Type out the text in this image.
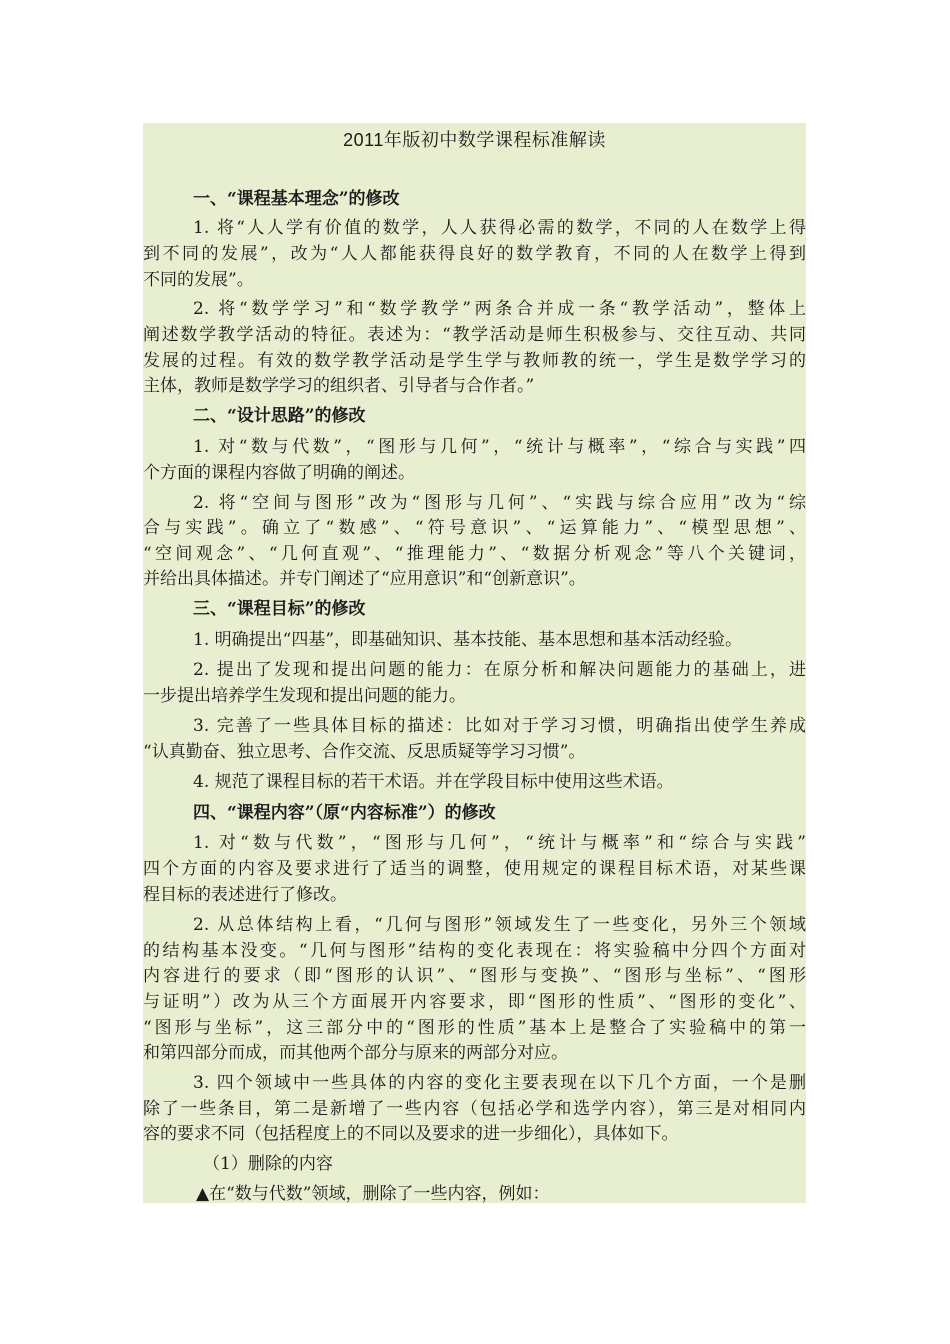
2011年版初中数学课程标准解读
一、“课程基本理念”的修改
1. 将“人人学有价值的数学，人人获得必需的数学，不同的人在数学上得
到不同的发展”，改为“人人都能获得良好的数学教育，不同的人在数学上得到
不同的发展”。
2. 将“数学学习”和“数学教学”两条合并成一条“教学活动”，整体上
阐述数学教学活动的特征。表述为：“教学活动是师生积极参与、交往互动、共同
发展的过程。有效的数学教学活动是学生学与教师教的统一，学生是数学学习的
主体，教师是数学学习的组织者、引导者与合作者。”
二、“设计思路”的修改
1. 对“数与代数”，“图形与几何”，“统计与概率”，“综合与实践”四
个方面的课程内容做了明确的阐述。
2. 将“空间与图形”改为“图形与几何”、“实践与综合应用”改为“综
合与实践”。确立了“数感”、“符号意识”、“运算能力”、“模型思想”、
“空间观念”、“几何直观”、“推理能力”、“数据分析观念”等八个关键词，
并给出具体描述。并专门阐述了“应用意识”和“创新意识”。
三、“课程目标”的修改
1. 明确提出“四基”，即基础知识、基本技能、基本思想和基本活动经验。
2. 提出了发现和提出问题的能力：在原分析和解决问题能力的基础上，进
一步提出培养学生发现和提出问题的能力。
3. 完善了一些具体目标的描述：比如对于学习习惯，明确指出使学生养成
“认真勤奋、独立思考、合作交流、反思质疑等学习习惯”。
4. 规范了课程目标的若干术语。并在学段目标中使用这些术语。
四、“课程内容”（原“内容标准”）的修改
1. 对“数与代数”，“图形与几何”，“统计与概率”和“综合与实践”
四个方面的内容及要求进行了适当的调整，使用规定的课程目标术语，对某些课
程目标的表述进行了修改。
2. 从总体结构上看，“几何与图形”领域发生了一些变化，另外三个领域
的结构基本没变。“几何与图形”结构的变化表现在：将实验稿中分四个方面对
内容进行的要求（即“图形的认识”、“图形与变换”、“图形与坐标”、“图形
与证明”）改为从三个方面展开内容要求，即“图形的性质”、“图形的变化”、
“图形与坐标”，这三部分中的“图形的性质”基本上是整合了实验稿中的第一
和第四部分而成，而其他两个部分与原来的两部分对应。
3. 四个领域中一些具体的内容的变化主要表现在以下几个方面，一个是删
除了一些条目，第二是新增了一些内容（包括必学和选学内容），第三是对相同内
容的要求不同（包括程度上的不同以及要求的进一步细化），具体如下。
（1）删除的内容
▲在“数与代数”领域，删除了一些内容，例如：
